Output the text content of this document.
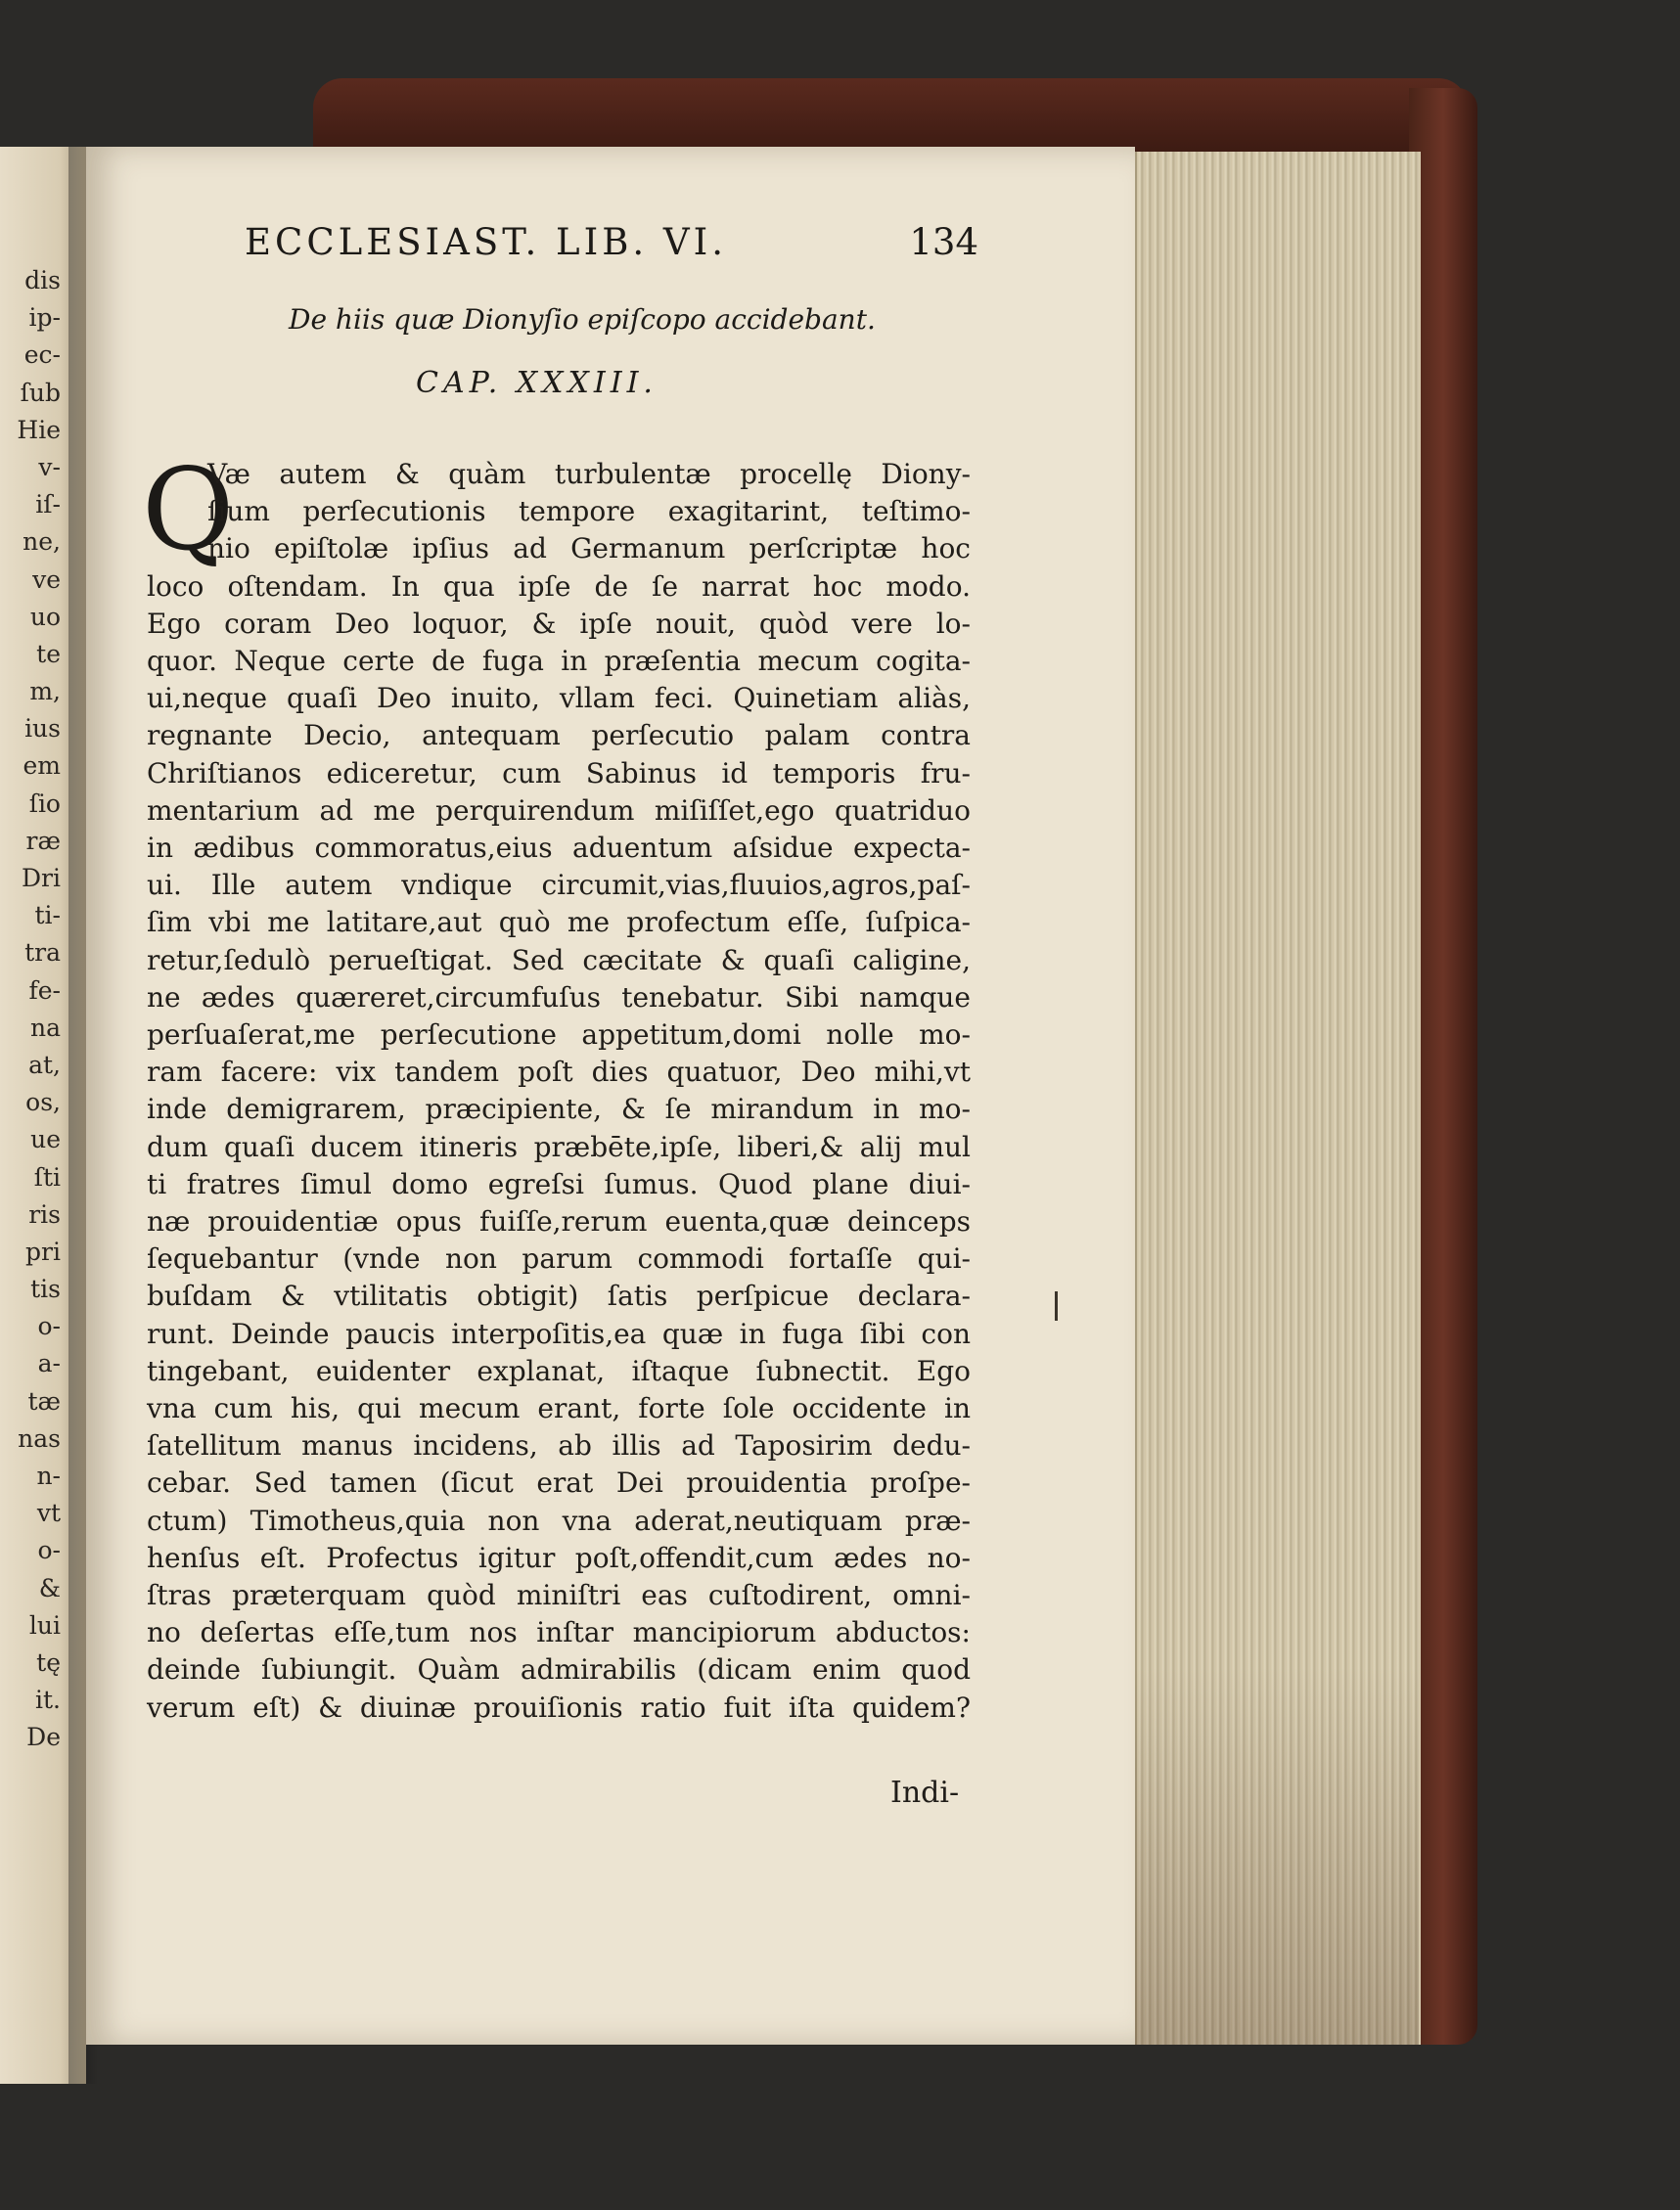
dis
ip-
ec-
ſub
Hie
v-
iſ-
ne,
ve
uo
te
m,
ius
em
ſio
ræ
Dri
ti-
tra
fe-
na
at,
os,
ue
ſti
ris
pri
tis
o-
a-
tæ
nas
n-
vt
o-
&
lui
tę
it.
De
ECCLESIAST. LIB. VI.	134
De hiis quæ Dionyſio epiſcopo accidebant.
CAP. XXXIII.
Q
Væ autem & quàm turbulentæ procellę Diony-
ſium perſecutionis tempore exagitarint, teſtimo-
nio epiſtolæ ipſius ad Germanum perſcriptæ hoc
loco oſtendam. In qua ipſe de ſe narrat hoc modo.
Ego coram Deo loquor, & ipſe nouit, quòd vere lo-
quor. Neque certe de fuga in præſentia mecum cogita-
ui,neque quaſi Deo inuito, vllam feci. Quinetiam aliàs,
regnante Decio, antequam perſecutio palam contra
Chriſtianos ediceretur, cum Sabinus id temporis fru-
mentarium ad me perquirendum miſiſſet,ego quatriduo
in ædibus commoratus,eius aduentum aſsidue expecta-
ui. Ille autem vndique circumit,vias,fluuios,agros,paſ-
ſim vbi me latitare,aut quò me profectum eſſe, ſuſpica-
retur,ſedulò perueſtigat. Sed cæcitate & quaſi caligine,
ne ædes quæreret,circumfuſus tenebatur. Sibi namque
perſuaſerat,me perſecutione appetitum,domi nolle mo-
ram facere: vix tandem poſt dies quatuor, Deo mihi,vt
inde demigrarem, præcipiente, & ſe mirandum in mo-
dum quaſi ducem itineris præbēte,ipſe, liberi,& alij mul
ti fratres ſimul domo egreſsi ſumus. Quod plane diui-
næ prouidentiæ opus fuiſſe,rerum euenta,quæ deinceps
ſequebantur (vnde non parum commodi fortaſſe qui-
buſdam & vtilitatis obtigit) ſatis perſpicue declara-
runt. Deinde paucis interpoſitis,ea quæ in fuga ſibi con
tingebant, euidenter explanat, iſtaque ſubnectit. Ego
vna cum his, qui mecum erant, forte ſole occidente in
ſatellitum manus incidens, ab illis ad Taposirim dedu-
cebar. Sed tamen (ſicut erat Dei prouidentia proſpe-
ctum) Timotheus,quia non vna aderat,neutiquam præ-
henſus eſt. Profectus igitur poſt,offendit,cum ædes no-
ſtras præterquam quòd miniſtri eas cuſtodirent, omni-
no deſertas eſſe,tum nos inſtar mancipiorum abductos:
deinde ſubiungit. Quàm admirabilis (dicam enim quod
verum eſt) & diuinæ prouiſionis ratio fuit iſta quidem?
Indi-
